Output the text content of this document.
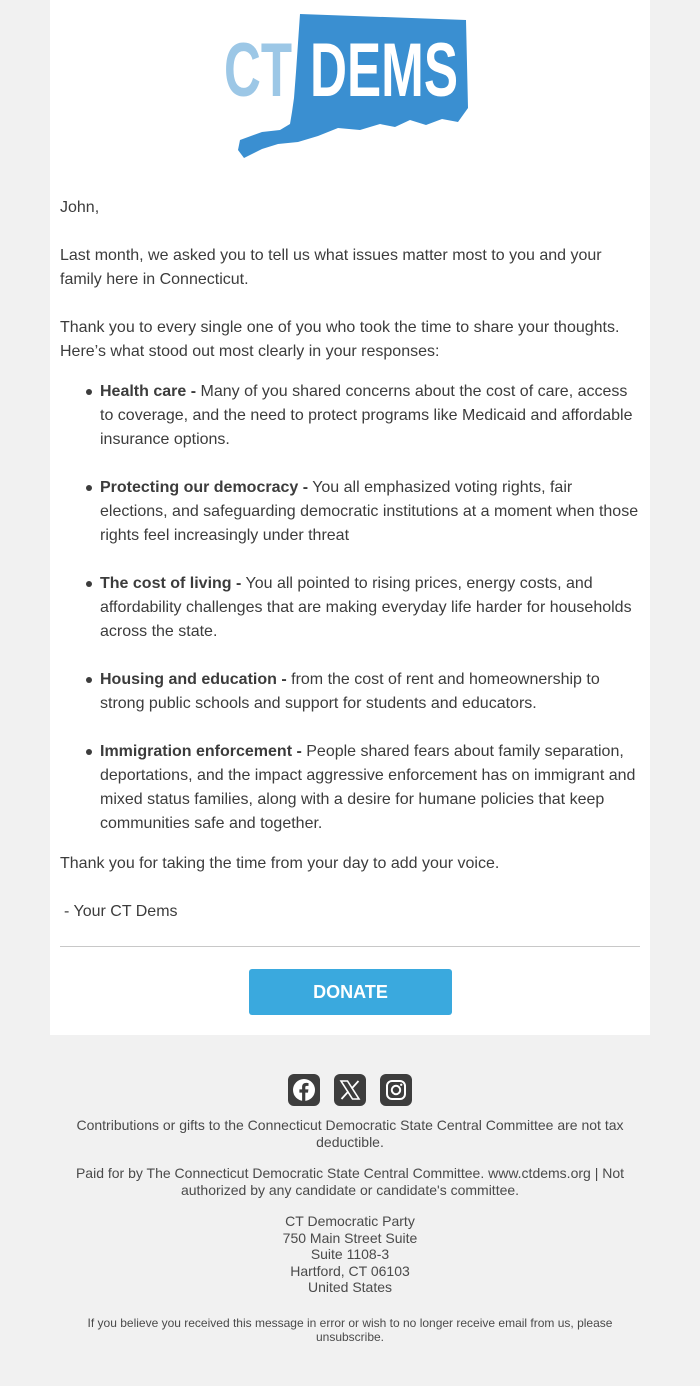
CT DEMS

John,

Last month, we asked you to tell us what issues matter most to you and your family here in Connecticut.

Thank you to every single one of you who took the time to share your thoughts. Here’s what stood out most clearly in your responses:

Health care - Many of you shared concerns about the cost of care, access to coverage, and the need to protect programs like Medicaid and affordable insurance options.
Protecting our democracy - You all emphasized voting rights, fair elections, and safeguarding democratic institutions at a moment when those rights feel increasingly under threat
The cost of living - You all pointed to rising prices, energy costs, and affordability challenges that are making everyday life harder for households across the state.
Housing and education - from the cost of rent and homeownership to strong public schools and support for students and educators.
Immigration enforcement - People shared fears about family separation, deportations, and the impact aggressive enforcement has on immigrant and mixed status families, along with a desire for humane policies that keep communities safe and together.

Thank you for taking the time from your day to add your voice.

- Your CT Dems

DONATE

Contributions or gifts to the Connecticut Democratic State Central Committee are not tax deductible.

Paid for by The Connecticut Democratic State Central Committee. www.ctdems.org | Not authorized by any candidate or candidate's committee.

CT Democratic Party
750 Main Street Suite
Suite 1108-3
Hartford, CT 06103
United States

If you believe you received this message in error or wish to no longer receive email from us, please unsubscribe.
